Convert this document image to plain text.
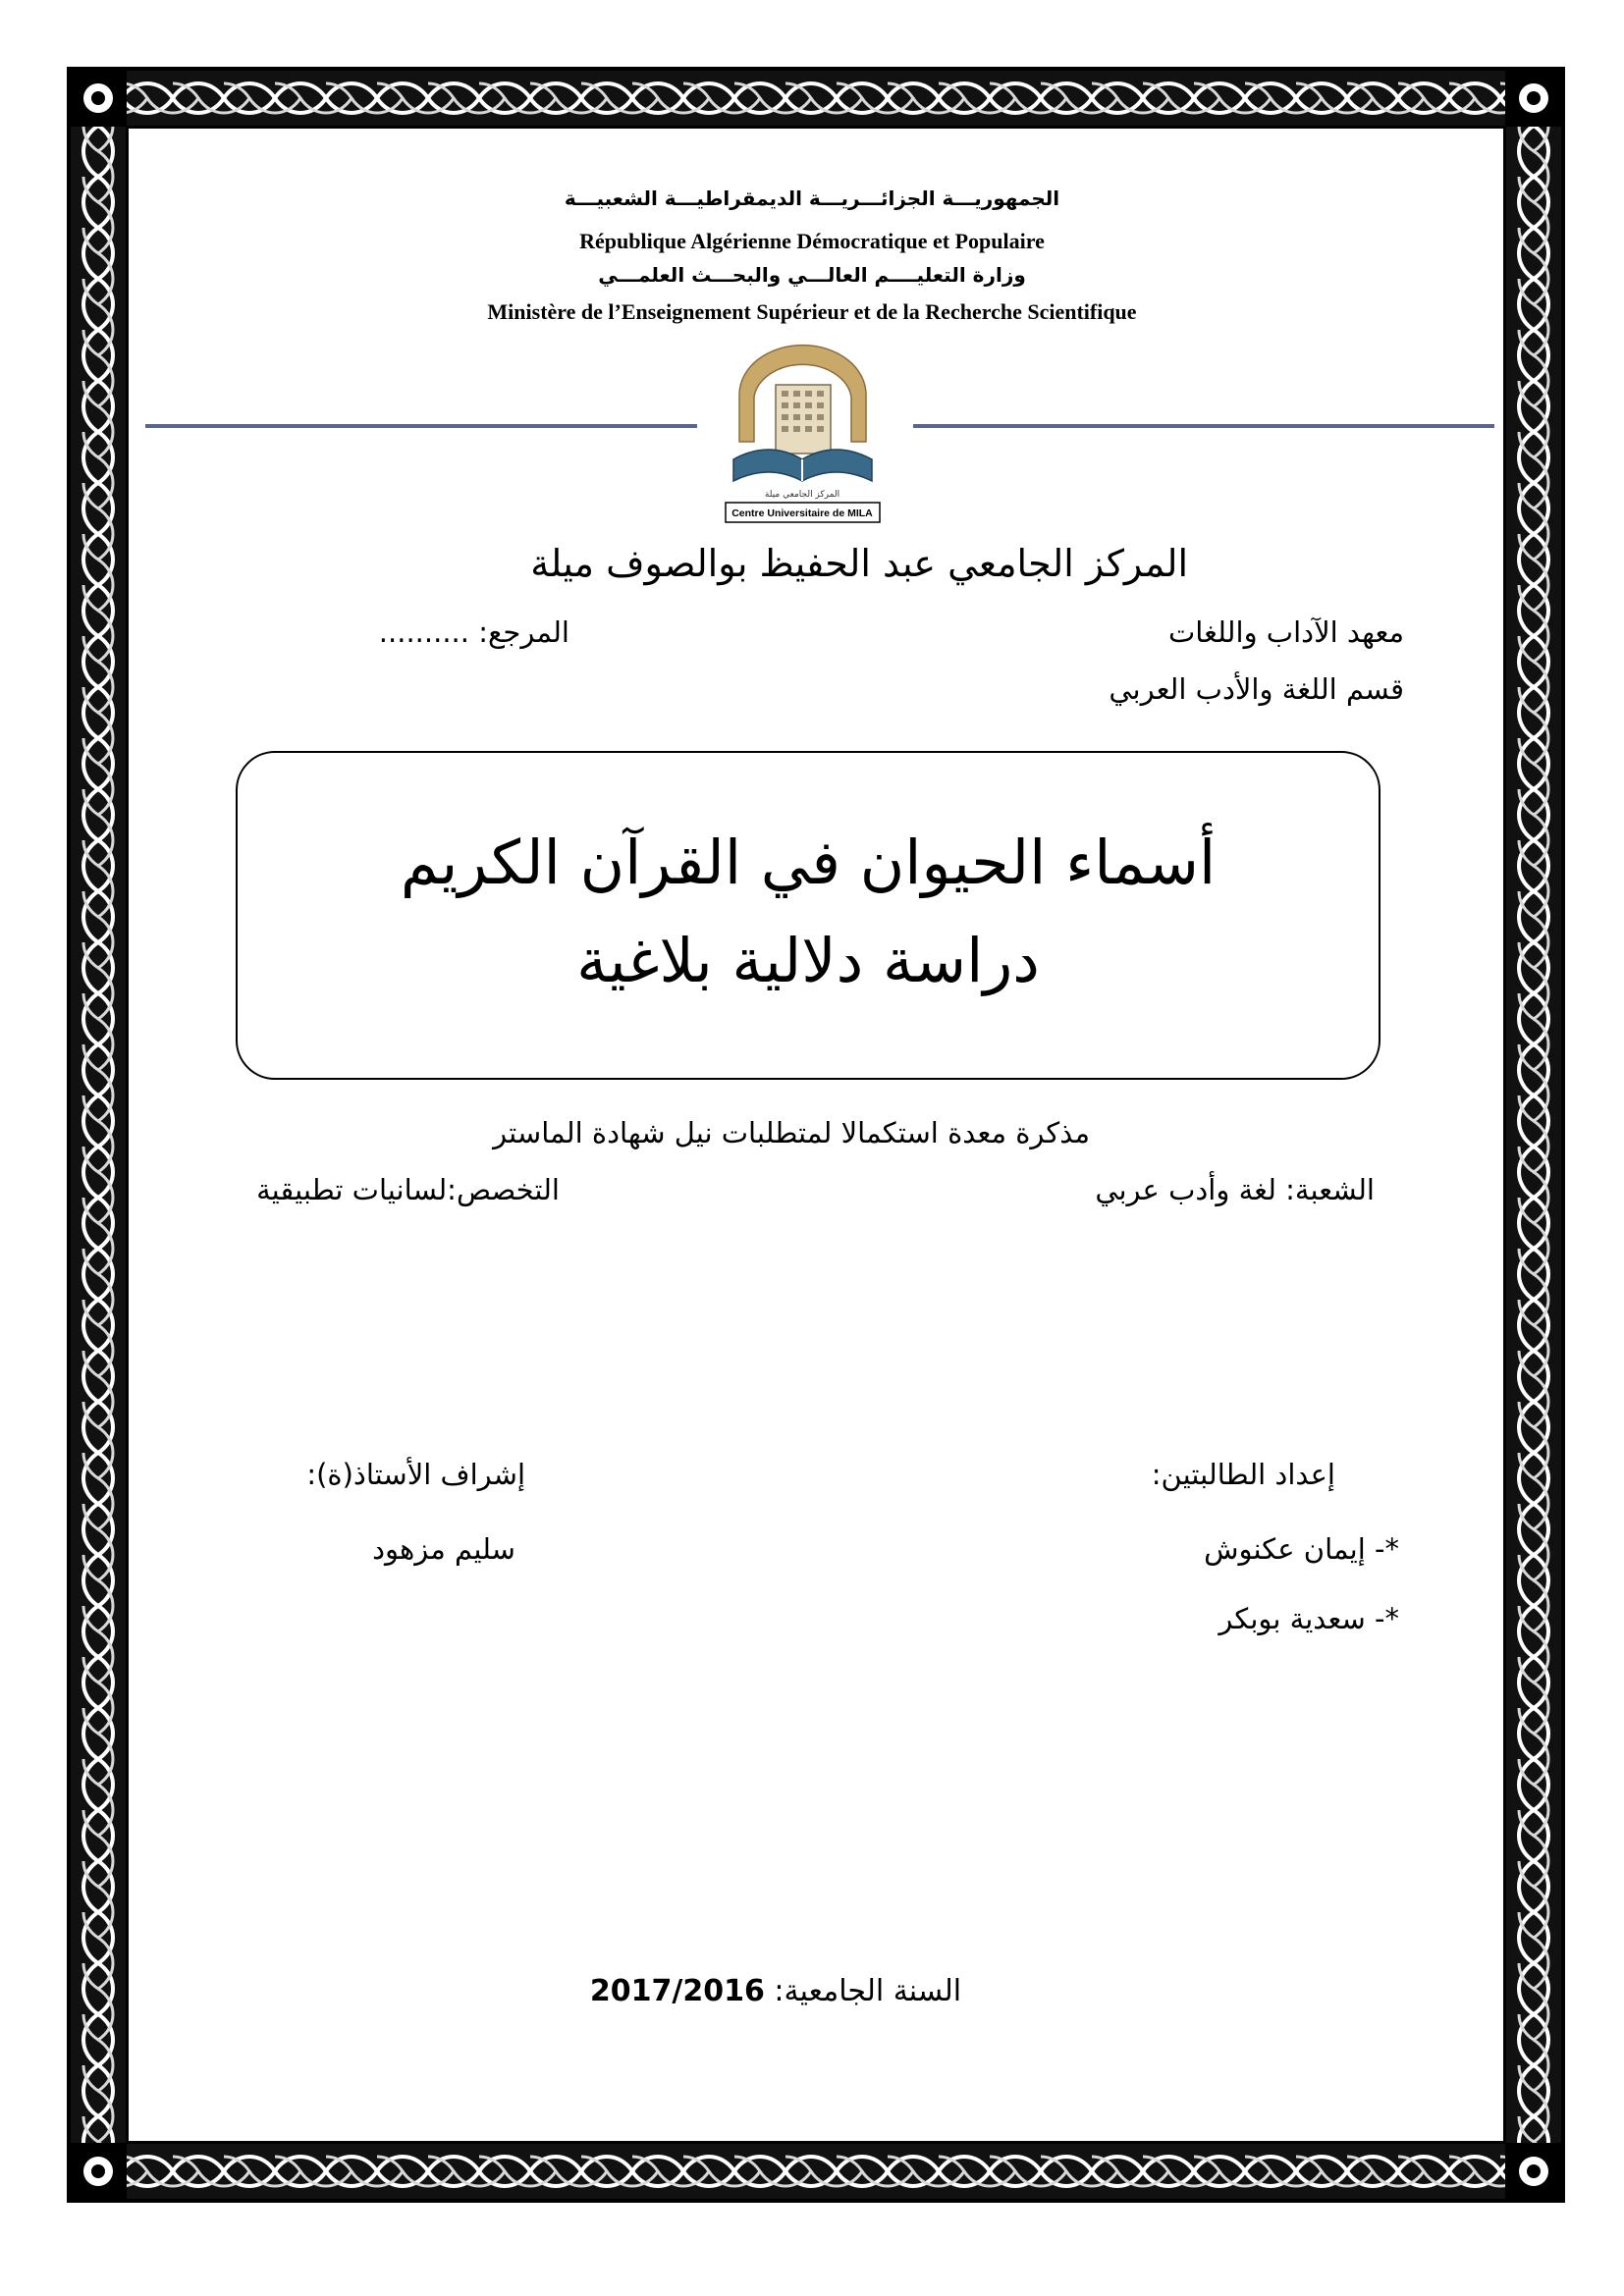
الجمهوريـــة الجزائـــريـــة الديمقراطيـــة الشعبيـــة
République Algérienne Démocratique et Populaire
وزارة التعليــــم العالـــي والبحـــث العلمـــي
Ministère de l’Enseignement Supérieur et de la Recherche Scientifique
المركز الجامعي ميلة
Centre Universitaire de MILA
المركز الجامعي عبد الحفيظ بوالصوف ميلة
معهد الآداب واللغات
المرجع: ..........
قسم اللغة والأدب العربي
أسماء الحيوان في القرآن الكريم
دراسة دلالية بلاغية
مذكرة معدة استكمالا لمتطلبات نيل شهادة الماستر
الشعبة: لغة وأدب عربي
التخصص:لسانيات تطبيقية
إعداد الطالبتين:
*- إيمان عكنوش
*- سعدية بوبكر
إشراف الأستاذ(ة):
سليم مزهود
السنة الجامعية: 2017/2016
